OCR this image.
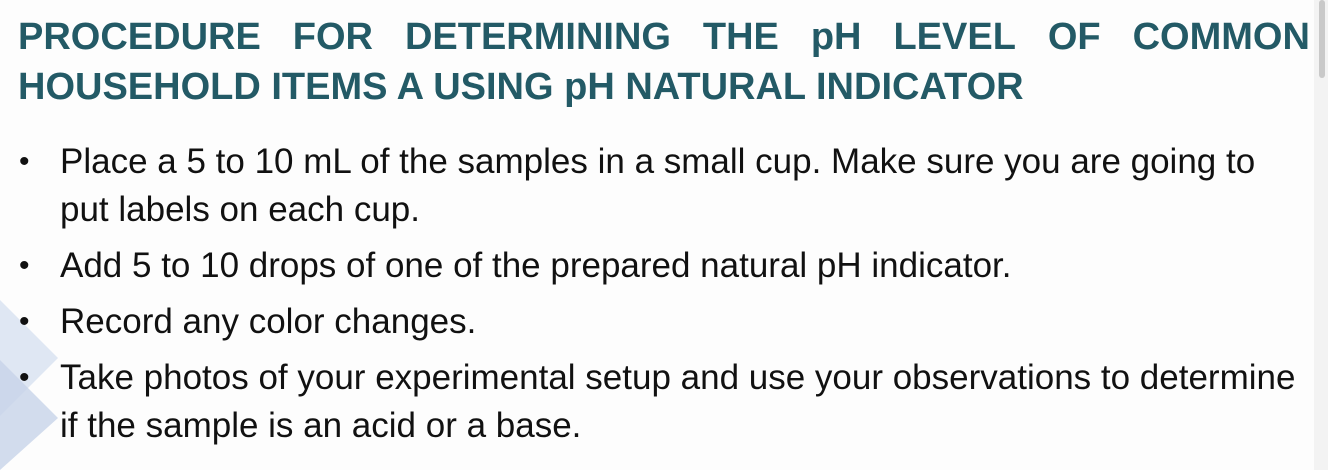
PROCEDURE FOR DETERMINING THE pH LEVEL OF COMMON
HOUSEHOLD ITEMS A USING pH NATURAL INDICATOR
• Place a 5 to 10 mL of the samples in a small cup. Make sure you are going to put labels on each cup.
• Add 5 to 10 drops of one of the prepared natural pH indicator.
• Record any color changes.
• Take photos of your experimental setup and use your observations to determine if the sample is an acid or a base.
